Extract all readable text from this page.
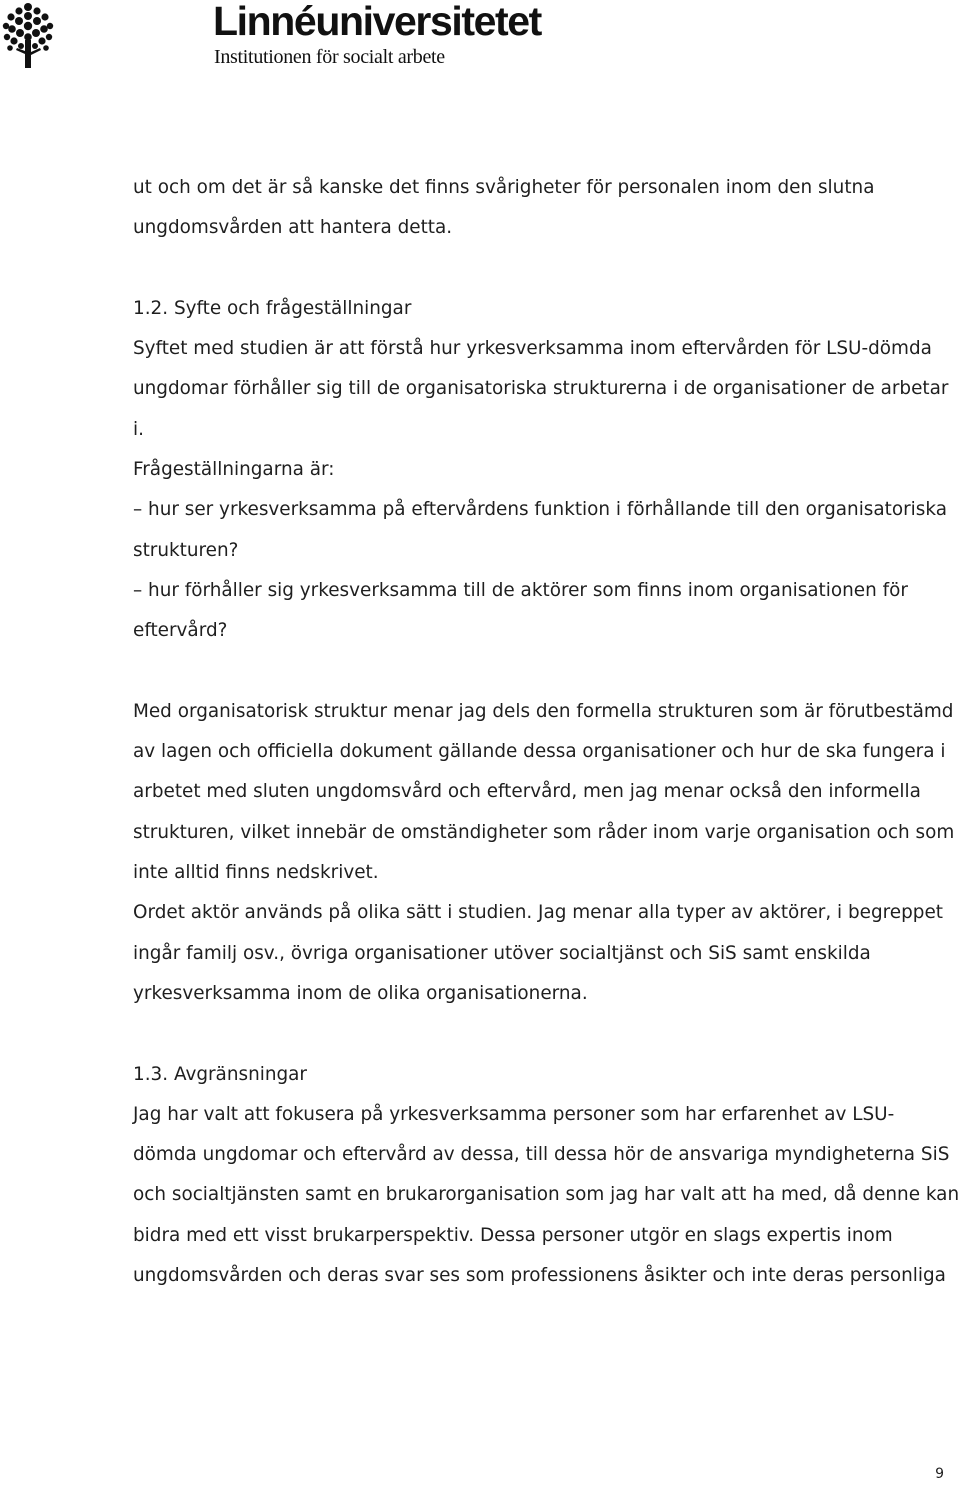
Linnéuniversitetet
Institutionen för socialt arbete
ut och om det är så kanske det finns svårigheter för personalen inom den slutna
ungdomsvården att hantera detta.
1.2. Syfte och frågeställningar
Syftet med studien är att förstå hur yrkesverksamma inom eftervården för LSU-dömda
ungdomar förhåller sig till de organisatoriska strukturerna i de organisationer de arbetar
i.
Frågeställningarna är:
– hur ser yrkesverksamma på eftervårdens funktion i förhållande till den organisatoriska
strukturen?
– hur förhåller sig yrkesverksamma till de aktörer som finns inom organisationen för
eftervård?
Med organisatorisk struktur menar jag dels den formella strukturen som är förutbestämd
av lagen och officiella dokument gällande dessa organisationer och hur de ska fungera i
arbetet med sluten ungdomsvård och eftervård, men jag menar också den informella
strukturen, vilket innebär de omständigheter som råder inom varje organisation och som
inte alltid finns nedskrivet.
Ordet aktör används på olika sätt i studien. Jag menar alla typer av aktörer, i begreppet
ingår familj osv., övriga organisationer utöver socialtjänst och SiS samt enskilda
yrkesverksamma inom de olika organisationerna.
1.3. Avgränsningar
Jag har valt att fokusera på yrkesverksamma personer som har erfarenhet av LSU-
dömda ungdomar och eftervård av dessa, till dessa hör de ansvariga myndigheterna SiS
och socialtjänsten samt en brukarorganisation som jag har valt att ha med, då denne kan
bidra med ett visst brukarperspektiv. Dessa personer utgör en slags expertis inom
ungdomsvården och deras svar ses som professionens åsikter och inte deras personliga
9
